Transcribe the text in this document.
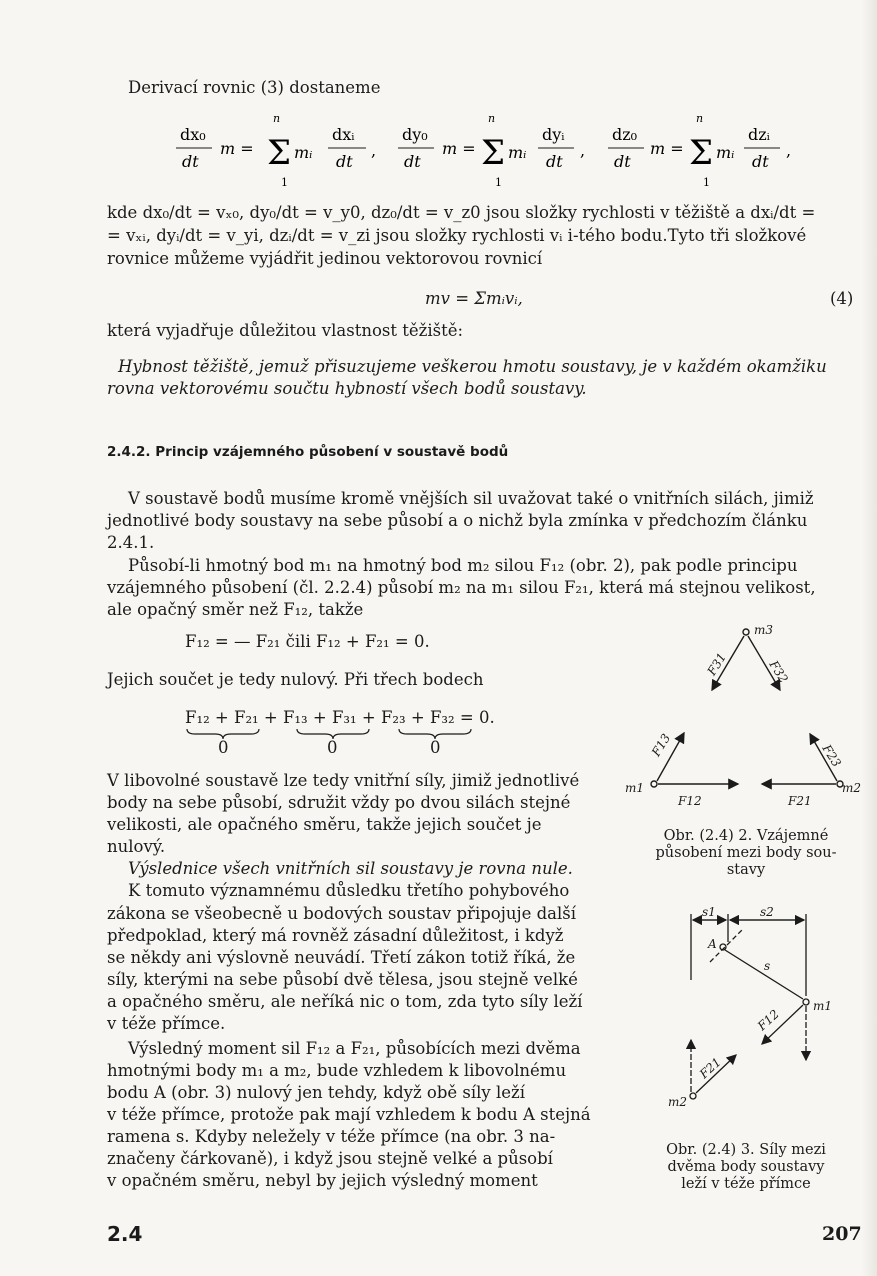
Derivací rovnic (3) dostaneme
dx₀
dt
m =
n
Σ
1
mᵢ
dxᵢ
dt
,
dy₀
dt
m =
n
Σ
1
mᵢ
dyᵢ
dt
,
dz₀
dt
m =
n
Σ
1
mᵢ
dzᵢ
dt
,
kde dx₀/dt = vₓ₀, dy₀/dt = v_y0, dz₀/dt = v_z0 jsou složky rychlosti v těžiště a dxᵢ/dt =
= vₓᵢ, dyᵢ/dt = v_yi, dzᵢ/dt = v_zi jsou složky rychlosti vᵢ i-tého bodu.Tyto tři složkové
rovnice můžeme vyjádřit jedinou vektorovou rovnicí
mv = Σmᵢvᵢ,	(4)
která vyjadřuje důležitou vlastnost těžiště:
Hybnost těžiště, jemuž přisuzujeme veškerou hmotu soustavy, je v každém okamžiku
rovna vektorovému součtu hybností všech bodů soustavy.
2.4.2. Princip vzájemného působení v soustavě bodů
V soustavě bodů musíme kromě vnějších sil uvažovat také o vnitřních silách, jimiž
jednotlivé body soustavy na sebe působí a o nichž byla zmínka v předchozím článku
2.4.1.
Působí-li hmotný bod m₁ na hmotný bod m₂ silou F₁₂ (obr. 2), pak podle principu
vzájemného působení (čl. 2.2.4) působí m₂ na m₁ silou F₂₁, která má stejnou velikost,
ale opačný směr než F₁₂, takže
F₁₂ = — F₂₁ čili F₁₂ + F₂₁ = 0.
Jejich součet je tedy nulový. Při třech bodech
F₁₂ + F₂₁ + F₁₃ + F₃₁ + F₂₃ + F₃₂ = 0.
0	0	0
V libovolné soustavě lze tedy vnitřní síly, jimiž jednotlivé
body na sebe působí, sdružit vždy po dvou silách stejné
velikosti, ale opačného směru, takže jejich součet je
nulový.
Výslednice všech vnitřních sil soustavy je rovna nule.
K tomuto významnému důsledku třetího pohybového
zákona se všeobecně u bodových soustav připojuje další
předpoklad, který má rovněž zásadní důležitost, i když
se někdy ani výslovně neuvádí. Třetí zákon totiž říká, že
síly, kterými na sebe působí dvě tělesa, jsou stejně velké
a opačného směru, ale neříká nic o tom, zda tyto síly leží
v téže přímce.
Výsledný moment sil F₁₂ a F₂₁, působících mezi dvěma
hmotnými body m₁ a m₂, bude vzhledem k libovolnému
bodu A (obr. 3) nulový jen tehdy, když obě síly leží
v téže přímce, protože pak mají vzhledem k bodu A stejná
ramena s. Kdyby neležely v téže přímce (na obr. 3 na-
značeny čárkovaně), i když jsou stejně velké a působí
v opačném směru, nebyl by jejich výsledný moment
m3
m1	m2
F31	F32
F13	F23
F12	F21
Obr. (2.4) 2. Vzájemné
působení mezi body sou-
stavy
s1	s2
A
s
m1
m2
F12
F21
Obr. (2.4) 3. Síly mezi
dvěma body soustavy
leží v téže přímce
2.4	207
